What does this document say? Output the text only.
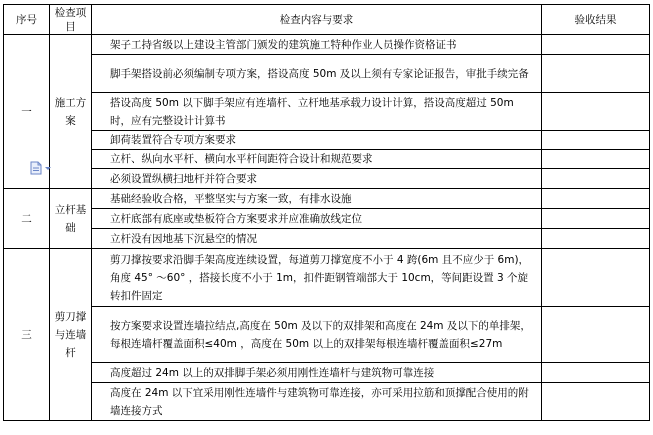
序号	检查项目	检查内容与要求	验收结果
一	施工方案	架子工持省级以上建设主管部门颁发的建筑施工特种作业人员操作资格证书	
		脚手架搭设前必须编制专项方案，搭设高度 50m 及以上须有专家论证报告，审批手续完备	
		搭设高度 50m 以下脚手架应有连墙杆、立杆地基承载力设计计算，搭设高度超过 50m 时，应有完整设计计算书	
		卸荷装置符合专项方案要求	
		立杆、纵向水平杆、横向水平杆间距符合设计和规范要求	
		必须设置纵横扫地杆并符合要求	
二	立杆基础	基础经验收合格，平整坚实与方案一致，有排水设施	
		立杆底部有底座或垫板符合方案要求并应准确放线定位	
		立杆没有因地基下沉悬空的情况	
三	剪刀撑与连墙杆	剪刀撑按要求沿脚手架高度连续设置，每道剪刀撑宽度不小于 4 跨(6m 且不应少于 6m)，角度 45° ～60° ，搭接长度不小于 1m，扣件距钢管端部大于 10cm，等间距设置 3 个旋转扣件固定	
		按方案要求设置连墙拉结点,高度在 50m 及以下的双排架和高度在 24m 及以下的单排架，每根连墙杆覆盖面积≤40m ，高度在 50m 以上的双排架每根连墙杆覆盖面积≤27m	
		高度超过 24m 以上的双排脚手架必须用刚性连墙杆与建筑物可靠连接	
		高度在 24m 以下宜采用刚性连墙件与建筑物可靠连接，亦可采用拉筋和顶撑配合使用的附墙连接方式	
